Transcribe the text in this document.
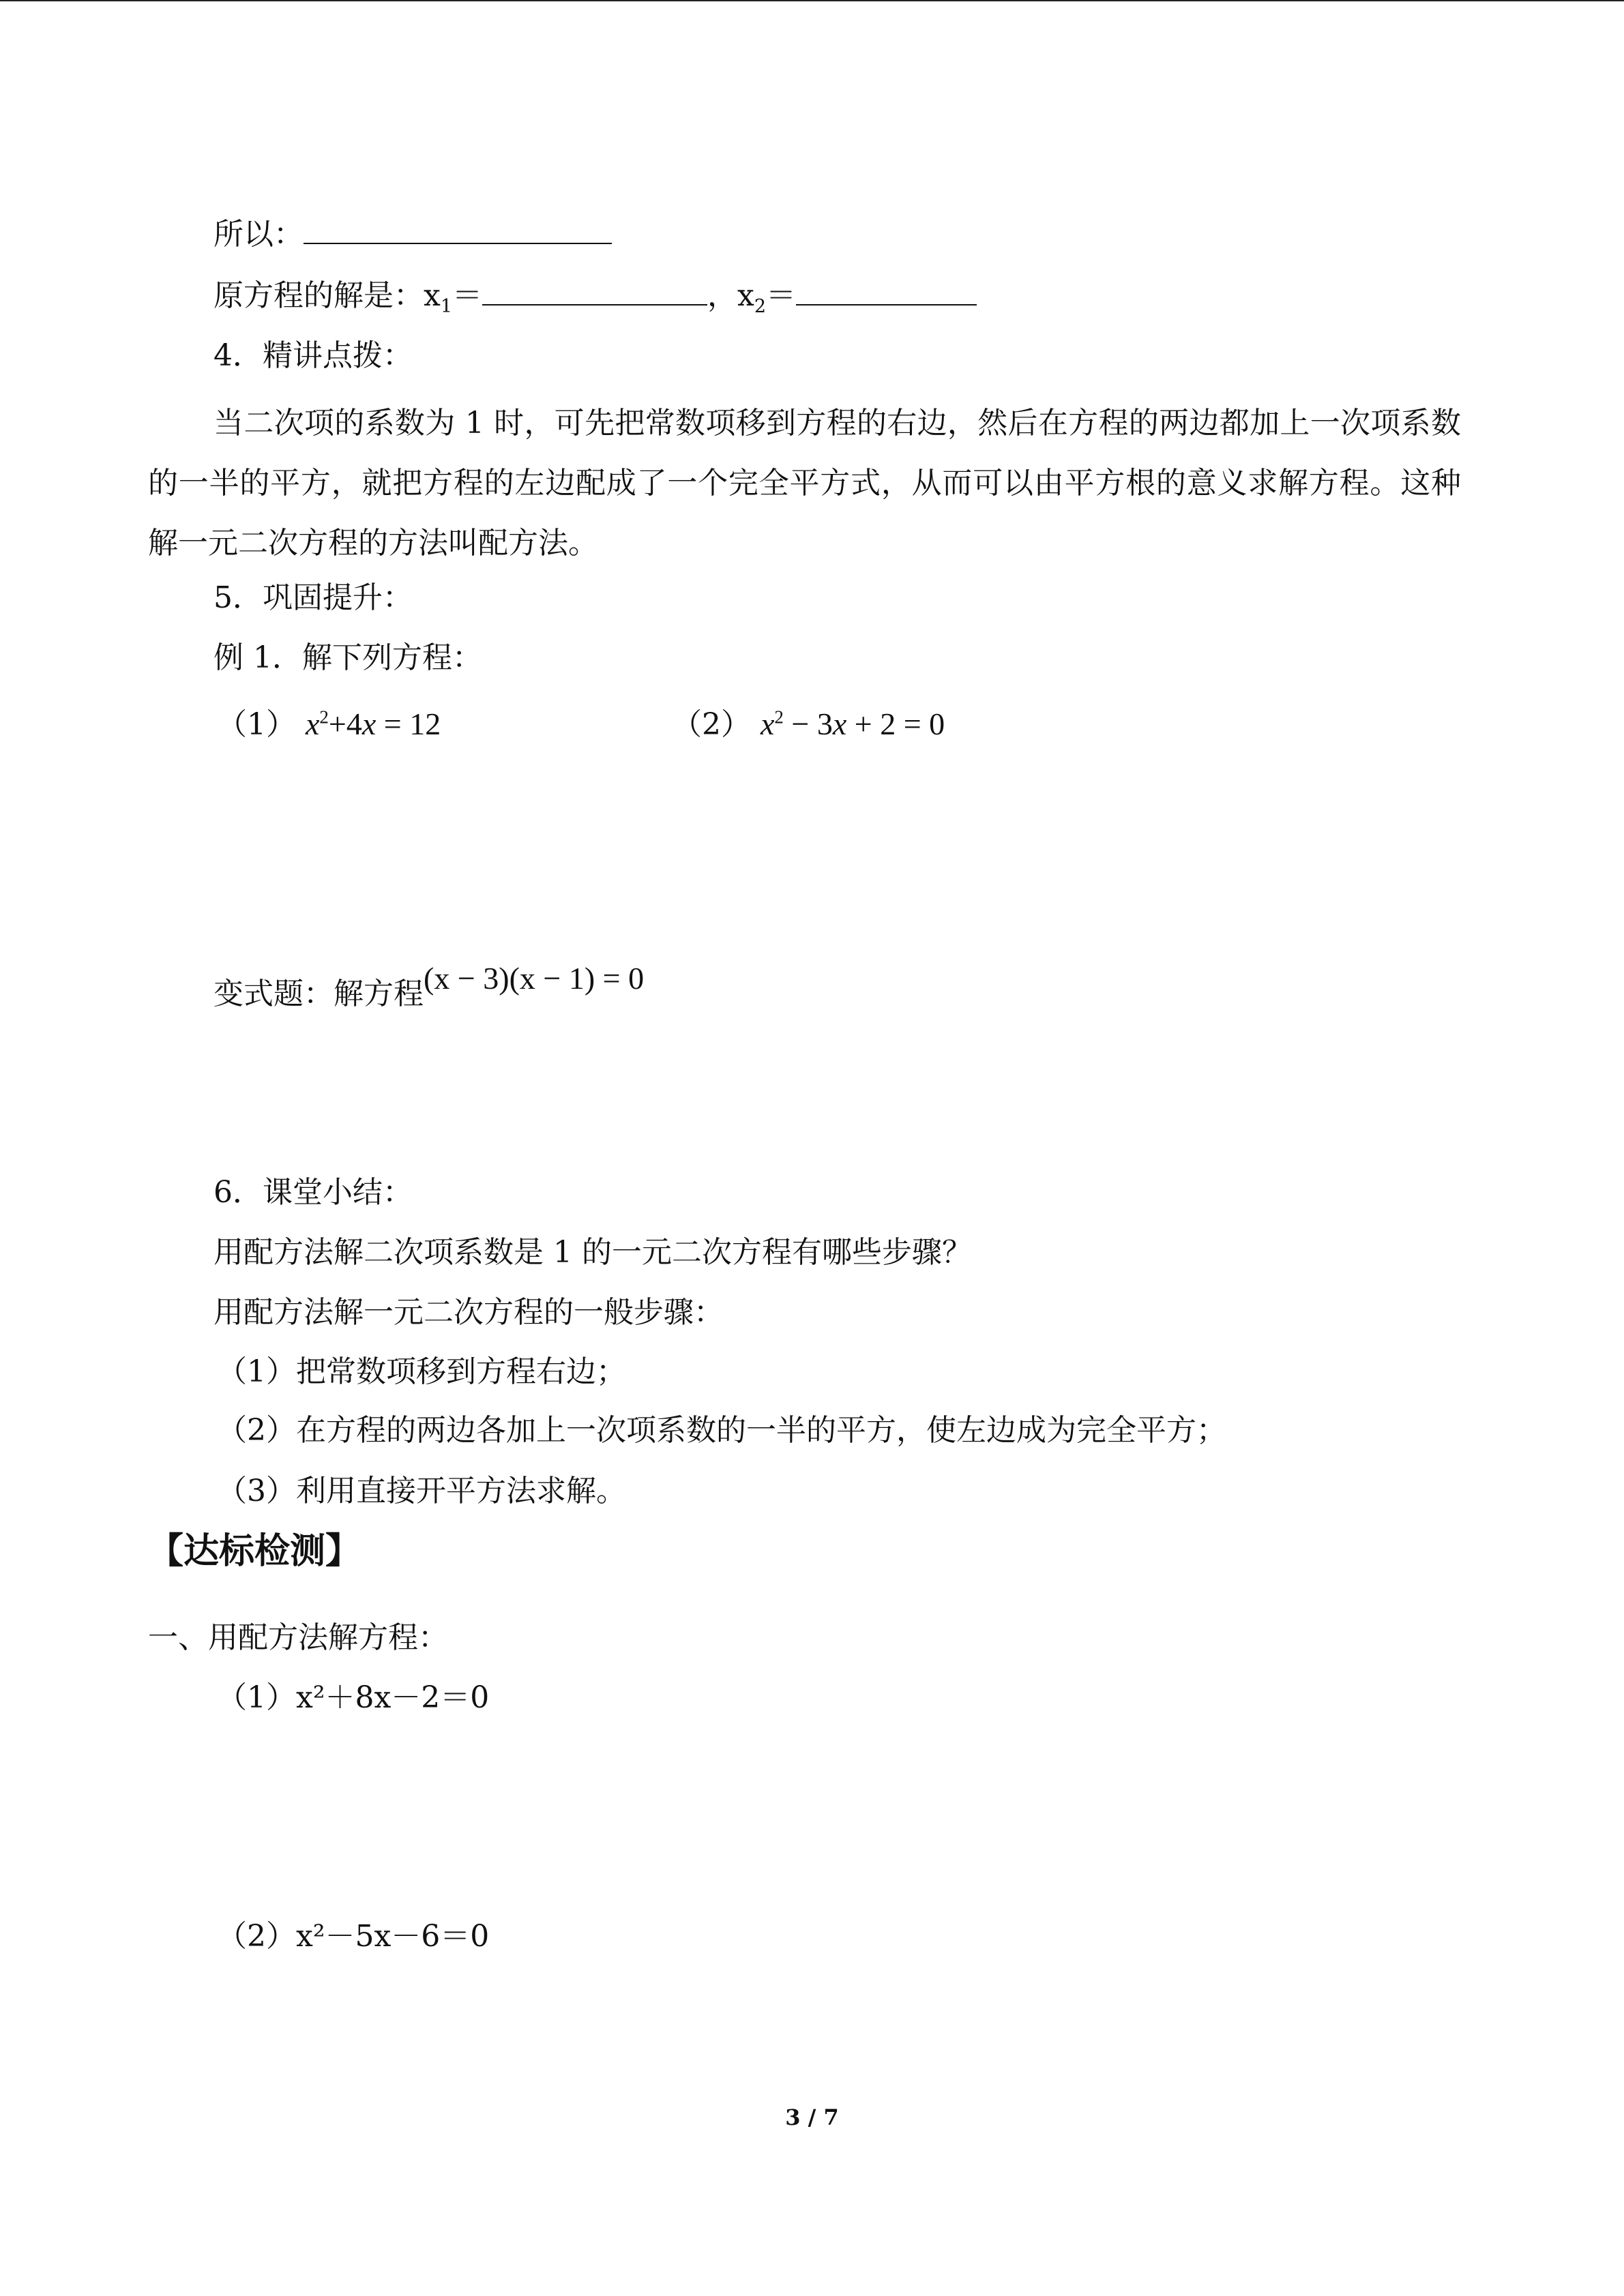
所以：
原方程的解是：$x_1=$	，$x_2=$
4．精讲点拨：
当二次项的系数为 1 时，可先把常数项移到方程的右边，然后在方程的两边都加上一次项系数的一半的平方，就把方程的左边配成了一个完全平方式，从而可以由平方根的意义求解方程。这种解一元二次方程的方法叫配方法。
5．巩固提升：
例 1．解下列方程：
（1） $x^2+4x = 12$	（2） $x^2 - 3x + 2 = 0$
变式题：解方程(x − 3)(x − 1) = 0
6．课堂小结：
用配方法解二次项系数是 1 的一元二次方程有哪些步骤？
用配方法解一元二次方程的一般步骤：
（1）把常数项移到方程右边；
（2）在方程的两边各加上一次项系数的一半的平方，使左边成为完全平方；
（3）利用直接开平方法求解。
【达标检测】
一、用配方法解方程：
（1）x²＋8x－2＝0
（2）x²－5x－6＝0
3 / 7
